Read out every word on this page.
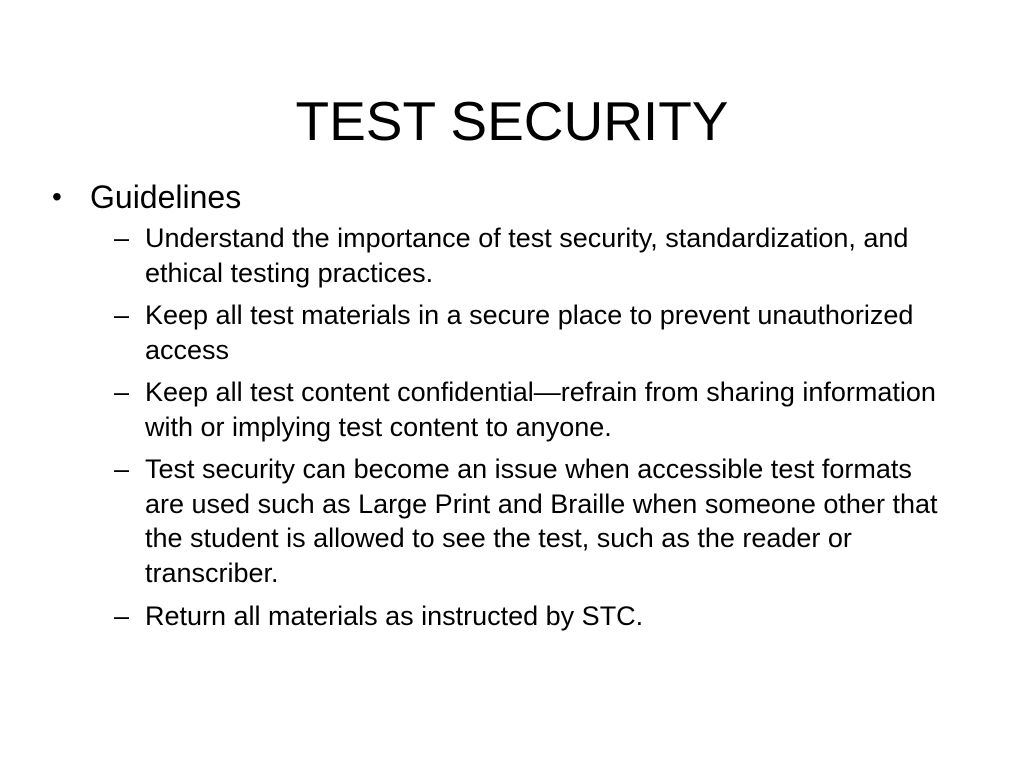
TEST SECURITY
• Guidelines
– Understand the importance of test security, standardization, and ethical testing practices.
– Keep all test materials in a secure place to prevent unauthorized access
– Keep all test content confidential—refrain from sharing information with or implying test content to anyone.
– Test security can become an issue when accessible test formats are used such as Large Print and Braille when someone other that the student is allowed to see the test, such as the reader or transcriber.
– Return all materials as instructed by STC.
